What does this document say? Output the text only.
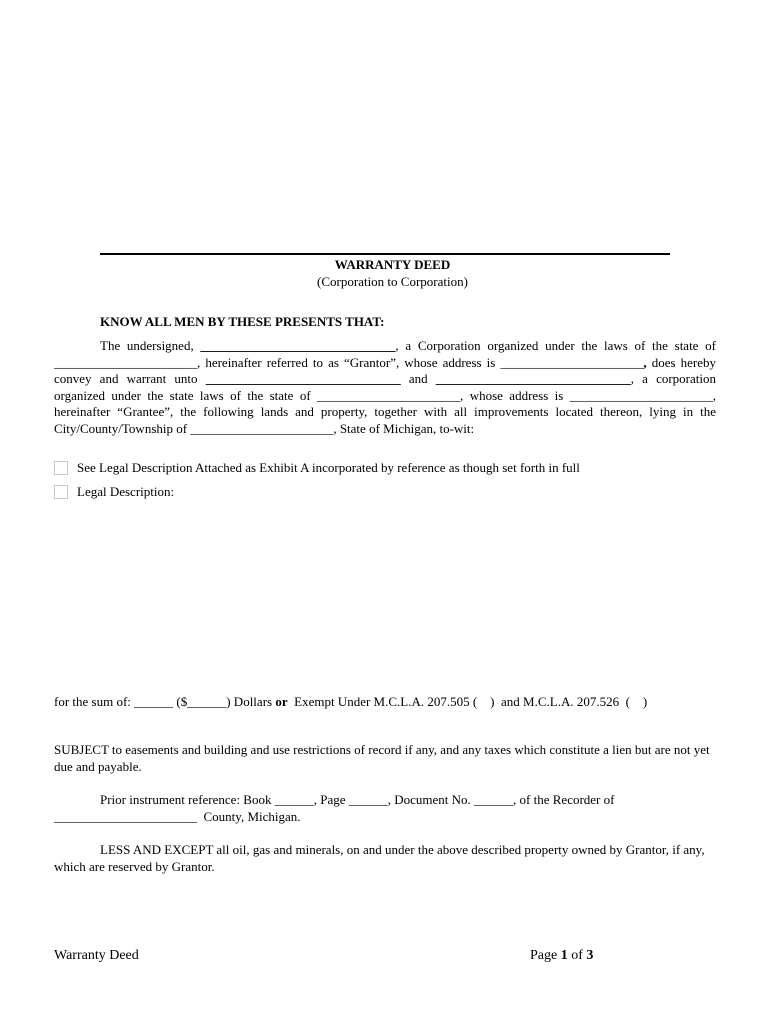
WARRANTY DEED
(Corporation to Corporation)
KNOW ALL MEN BY THESE PRESENTS THAT:
The undersigned, ______________________________, a Corporation organized under the laws of the state of ______________________, hereinafter referred to as “Grantor”, whose address is ______________________, does hereby convey and warrant unto ______________________________ and ______________________________, a corporation organized under the state laws of the state of ______________________, whose address is ______________________, hereinafter “Grantee”, the following lands and property, together with all improvements located thereon, lying in the City/County/Township of ______________________, State of Michigan, to-wit:
See Legal Description Attached as Exhibit A incorporated by reference as though set forth in full
Legal Description:
for the sum of: ______ ($______) Dollars or  Exempt Under M.C.L.A. 207.505 (    )  and M.C.L.A. 207.526  (    )
SUBJECT to easements and building and use restrictions of record if any, and any taxes which constitute a lien but are not yet due and payable.
Prior instrument reference: Book ______, Page ______, Document No. ______, of the Recorder of
______________________  County, Michigan.
LESS AND EXCEPT all oil, gas and minerals, on and under the above described property owned by Grantor, if any, which are reserved by Grantor.
Warranty Deed	Page 1 of 3
